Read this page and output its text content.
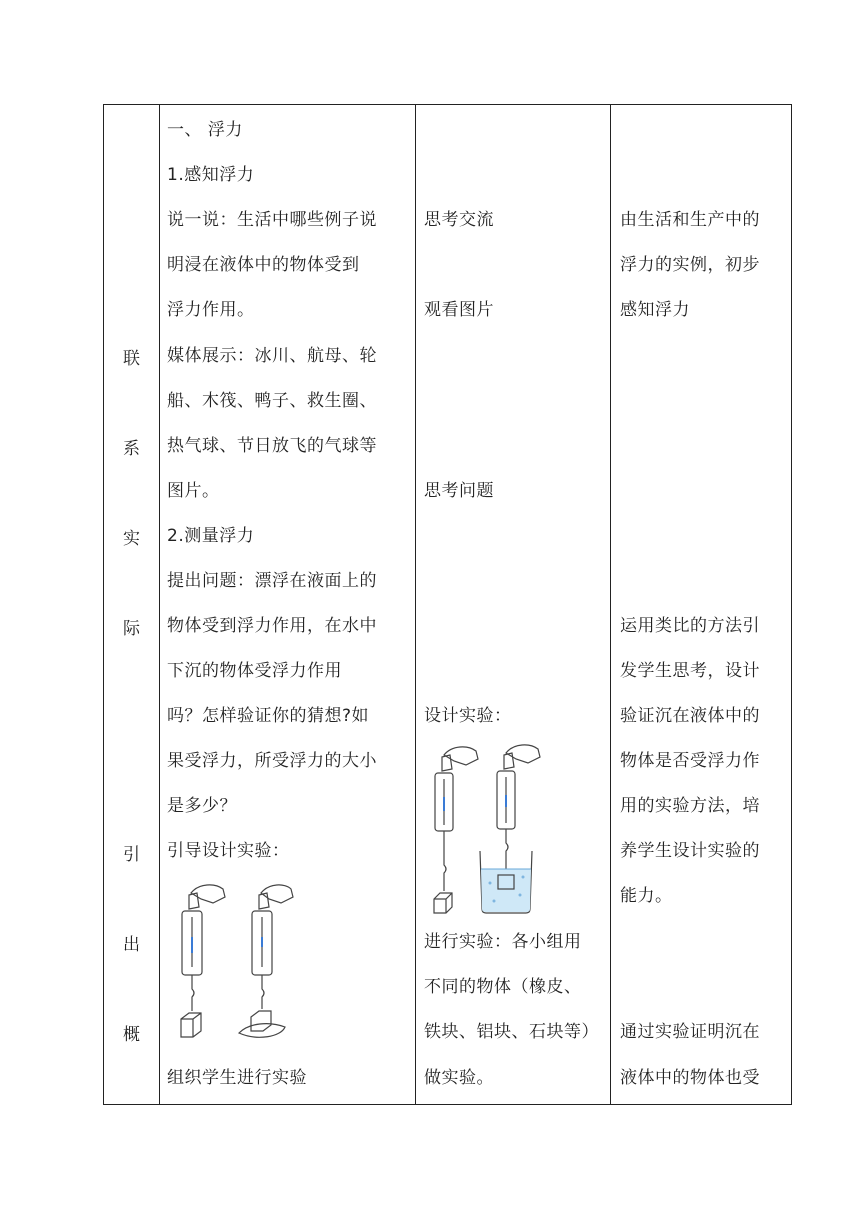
联
系
实
际
引
出
概
一、 浮力
1.感知浮力
说一说：生活中哪些例子说
明浸在液体中的物体受到
浮力作用。
媒体展示：冰川、航母、轮
船、木筏、鸭子、救生圈、
热气球、节日放飞的气球等
图片。
2.测量浮力
提出问题：漂浮在液面上的
物体受到浮力作用，在水中
下沉的物体受浮力作用
吗？怎样验证你的猜想?如
果受浮力，所受浮力的大小
是多少？
引导设计实验：
组织学生进行实验
思考交流
观看图片
思考问题
设计实验：
进行实验：各小组用
不同的物体（橡皮、
铁块、铝块、石块等）
做实验。
由生活和生产中的
浮力的实例，初步
感知浮力
运用类比的方法引
发学生思考，设计
验证沉在液体中的
物体是否受浮力作
用的实验方法，培
养学生设计实验的
能力。
通过实验证明沉在
液体中的物体也受
